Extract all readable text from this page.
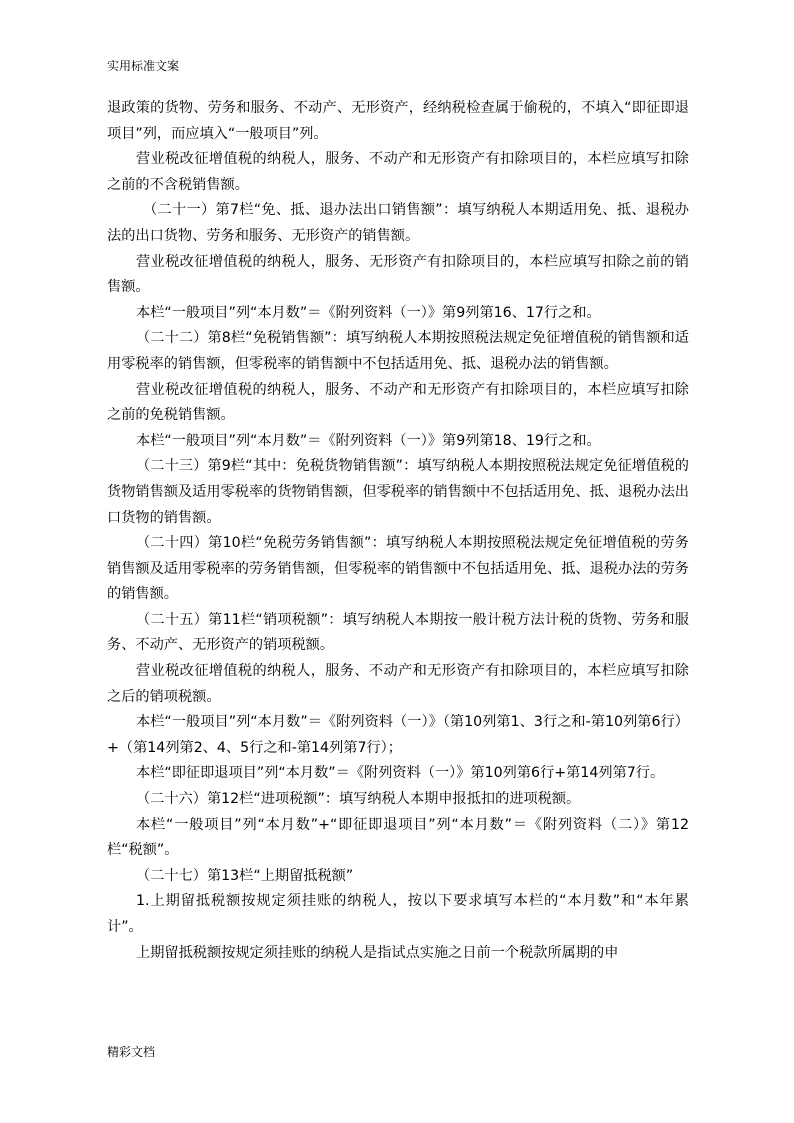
实用标准文案

退政策的货物、劳务和服务、不动产、无形资产，经纳税检查属于偷税的，不填入“即征即退项目”列，而应填入“一般项目”列。

营业税改征增值税的纳税人，服务、不动产和无形资产有扣除项目的，本栏应填写扣除之前的不含税销售额。

（二十一）第7栏“免、抵、退办法出口销售额”：填写纳税人本期适用免、抵、退税办法的出口货物、劳务和服务、无形资产的销售额。

营业税改征增值税的纳税人，服务、无形资产有扣除项目的，本栏应填写扣除之前的销售额。

本栏“一般项目”列“本月数”＝《附列资料（一）》第9列第16、17行之和。

（二十二）第8栏“免税销售额”：填写纳税人本期按照税法规定免征增值税的销售额和适用零税率的销售额，但零税率的销售额中不包括适用免、抵、退税办法的销售额。

营业税改征增值税的纳税人，服务、不动产和无形资产有扣除项目的，本栏应填写扣除之前的免税销售额。

本栏“一般项目”列“本月数”＝《附列资料（一）》第9列第18、19行之和。

（二十三）第9栏“其中：免税货物销售额”：填写纳税人本期按照税法规定免征增值税的货物销售额及适用零税率的货物销售额，但零税率的销售额中不包括适用免、抵、退税办法出口货物的销售额。

（二十四）第10栏“免税劳务销售额”：填写纳税人本期按照税法规定免征增值税的劳务销售额及适用零税率的劳务销售额，但零税率的销售额中不包括适用免、抵、退税办法的劳务的销售额。

（二十五）第11栏“销项税额”：填写纳税人本期按一般计税方法计税的货物、劳务和服务、不动产、无形资产的销项税额。

营业税改征增值税的纳税人，服务、不动产和无形资产有扣除项目的，本栏应填写扣除之后的销项税额。

本栏“一般项目”列“本月数”＝《附列资料（一）》（第10列第1、3行之和-第10列第6行）+（第14列第2、4、5行之和-第14列第7行）；

本栏“即征即退项目”列“本月数”＝《附列资料（一）》第10列第6行+第14列第7行。

（二十六）第12栏“进项税额”：填写纳税人本期申报抵扣的进项税额。

本栏“一般项目”列“本月数”+“即征即退项目”列“本月数”＝《附列资料（二）》第12栏“税额”。

（二十七）第13栏“上期留抵税额”

1.上期留抵税额按规定须挂账的纳税人，按以下要求填写本栏的“本月数”和“本年累计”。

上期留抵税额按规定须挂账的纳税人是指试点实施之日前一个税款所属期的申

精彩文档
